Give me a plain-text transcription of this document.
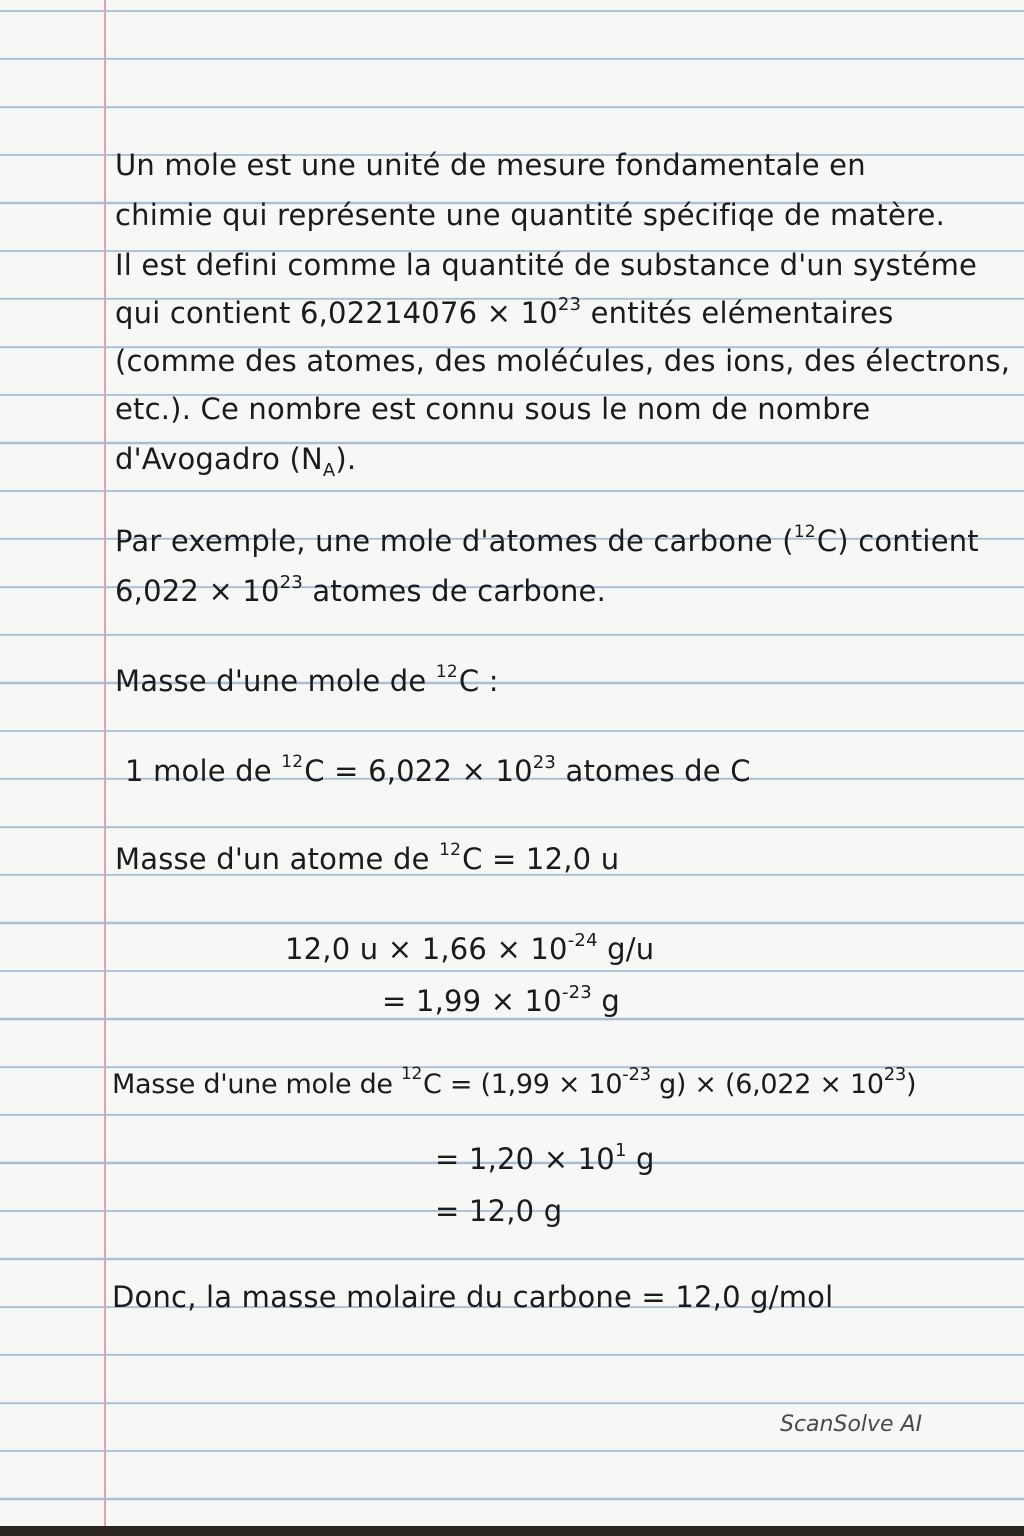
Un mole est une unité de mesure fondamentale en

chimie qui représente une quantité spécifiqe de matère.

Il est defini comme la quantité de substance d'un systéme

qui contient $6,02214076 \times 10^{23}$ entités elémentaires

(comme des atomes, des moléćules, des ions, des électrons,

etc.). Ce nombre est connu sous le nom de nombre

d'Avogadro $(N_A)$.

Par exemple, une mole d'atomes de carbone ($^{12}$C) contient

$6,022 \times 10^{23}$ atomes de carbone.

Masse d'une mole de $^{12}$C :

1 mole de $^{12}C = 6,022 \times 10^{23}$ atomes de C

Masse d'un atome de $^{12}$C = 12,0 u

12,0 $u \times 1,66 \times 10^{-24}$ g/u

= $1,99 \times 10^{-23}$ g

Masse d'une mole de $^{12}C = (1,99 \times 10^{-23}$ $g) \times (6,022 \times 10^{23})$

= $1,20 \times 10^1$ g

= 12,0 g

Donc, la masse molaire du carbone = 12,0 g/mol

ScanSolve AI
